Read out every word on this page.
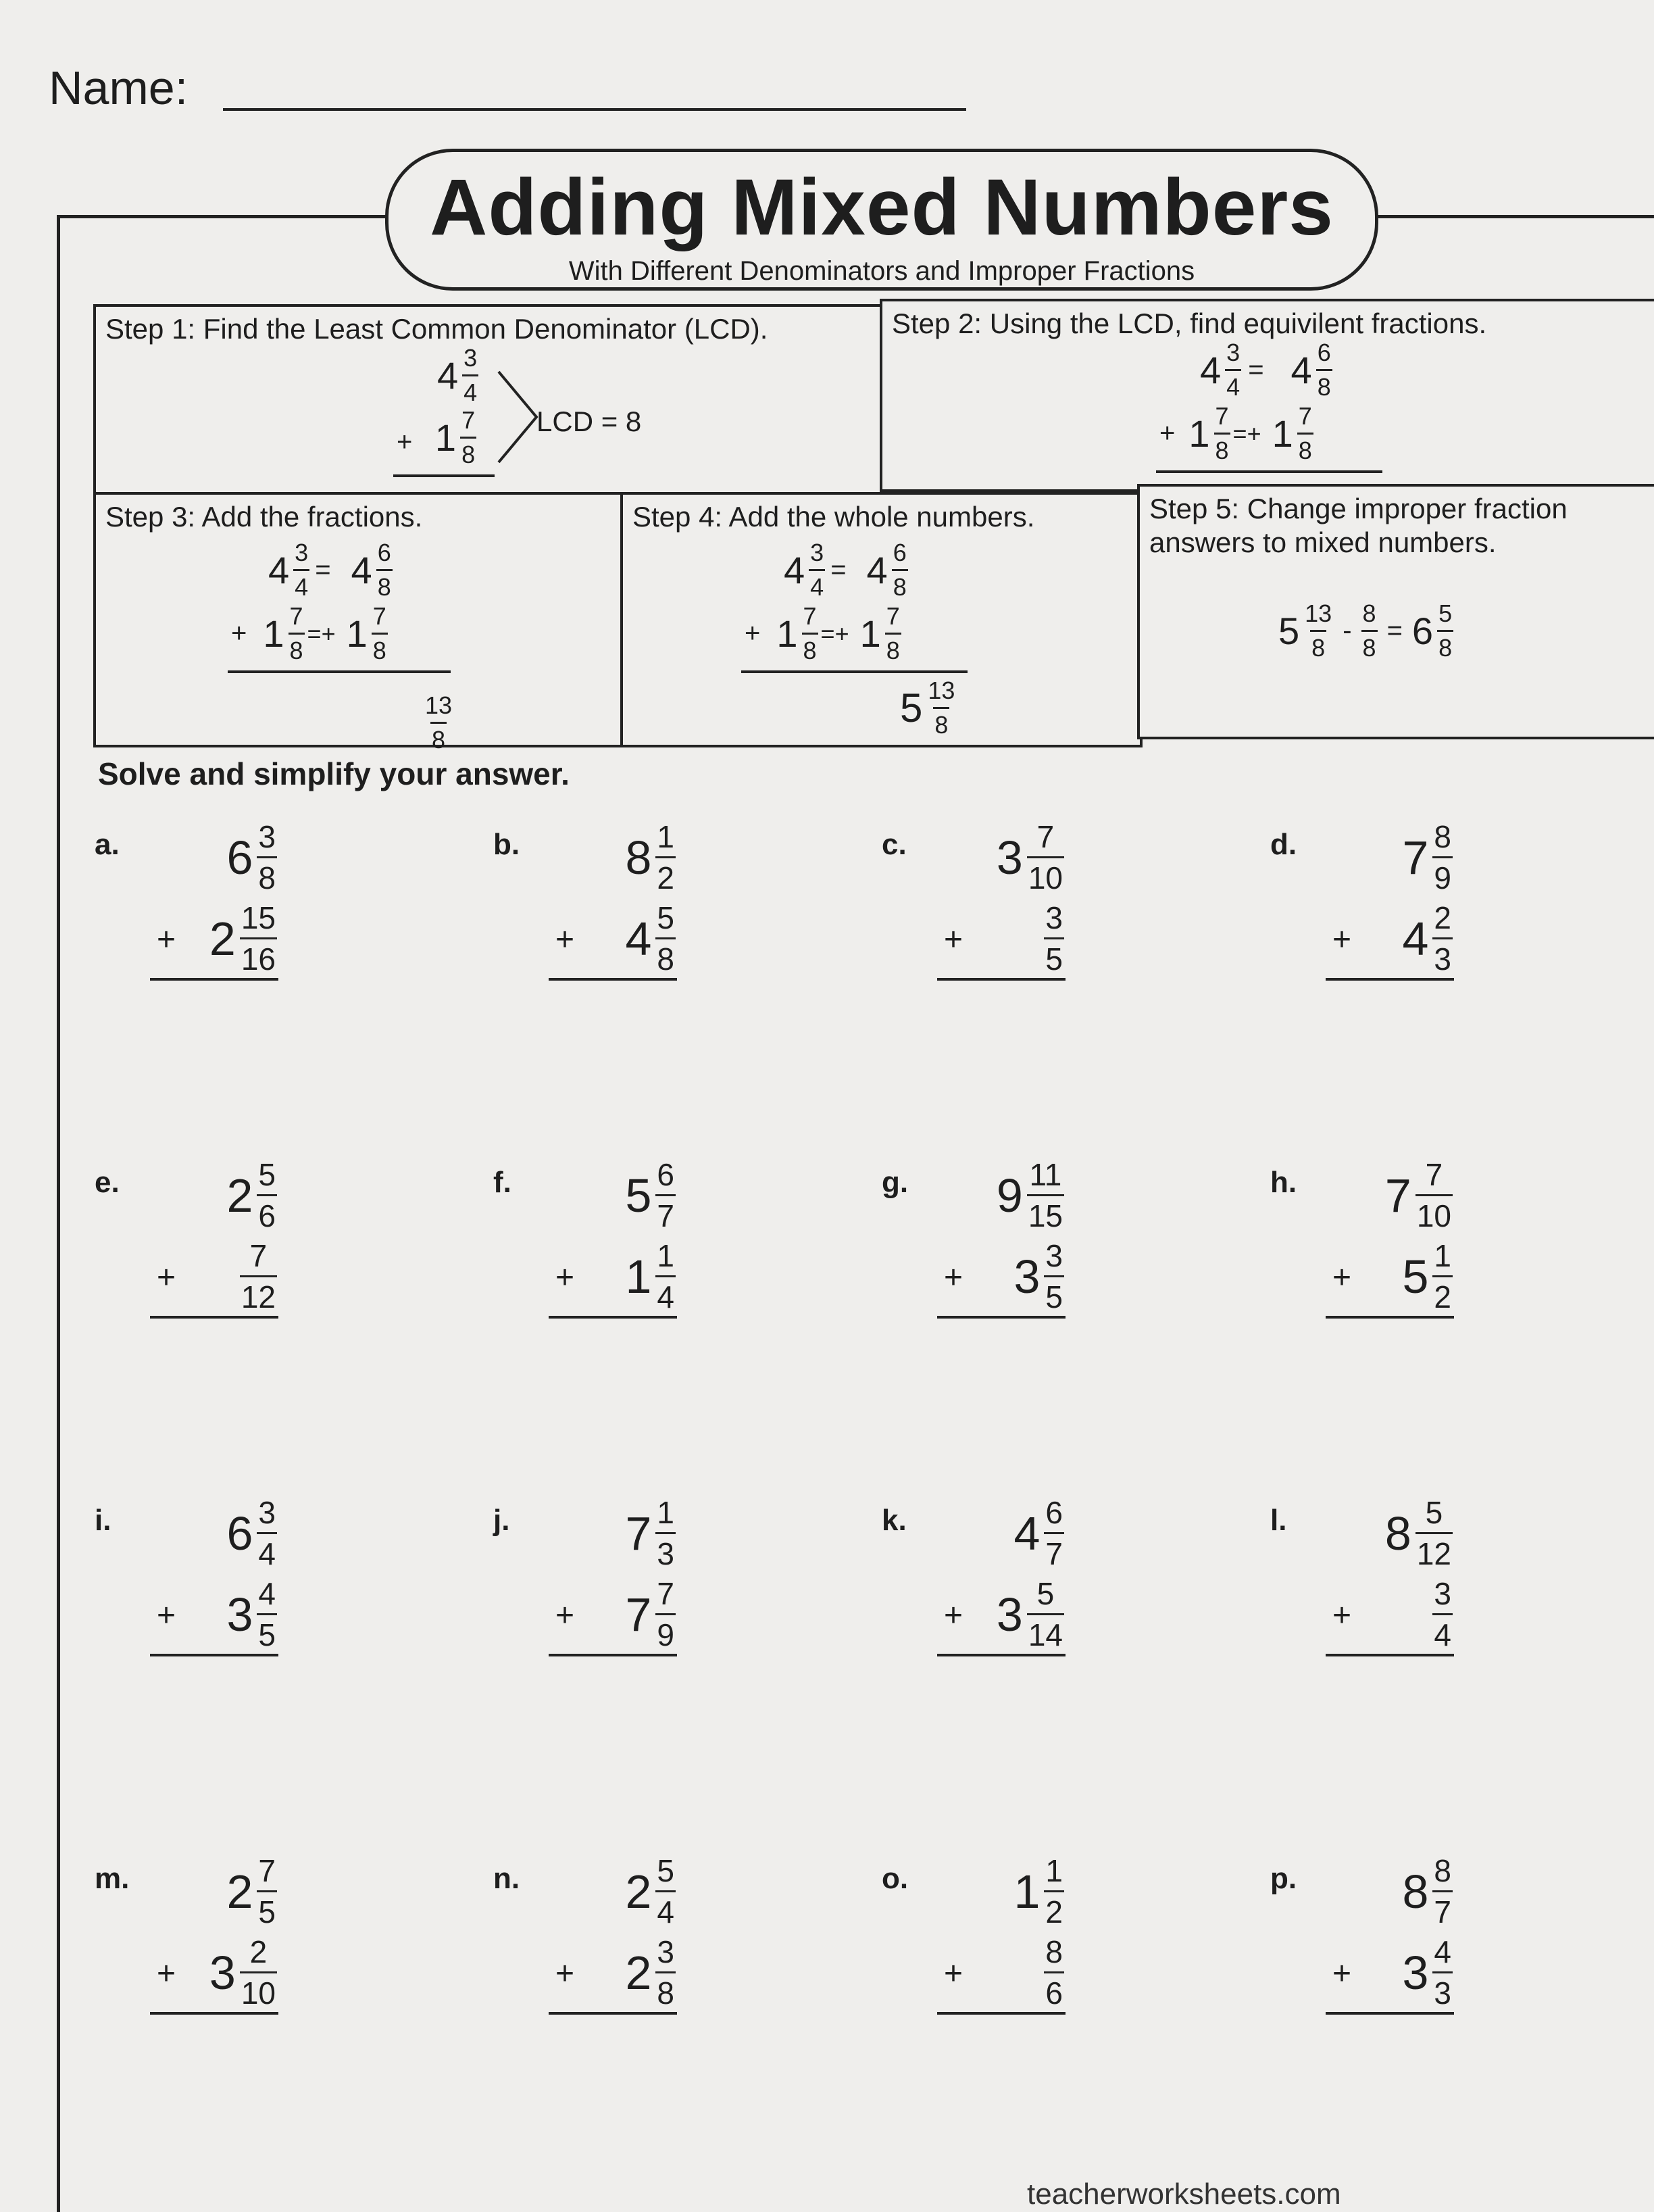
Name:
Adding Mixed Numbers
With Different Denominators and Improper Fractions
Step 1: Find the Least Common Denominator (LCD).
$4 \frac{3}{4}$
+ $1 \frac{7}{8}$ LCD = 8
Step 2: Using the LCD, find equivilent fractions.
$4 \frac{3}{4} = 4 \frac{6}{8}$
+ $1 \frac{7}{8}$ = + $1 \frac{7}{8}$
Step 3: Add the fractions.
$4 \frac{3}{4} = 4 \frac{6}{8}$
+ $1 \frac{7}{8}$ = + $1 \frac{7}{8}$
$\frac{13}{8}$
Step 4: Add the whole numbers.
$4 \frac{3}{4} = 4 \frac{6}{8}$
+ $1 \frac{7}{8}$ = + $1 \frac{7}{8}$
$5 \frac{13}{8}$
Step 5: Change improper fraction answers to mixed numbers.
$5 \frac{13}{8} - \frac{8}{8} = 6 \frac{5}{8}$
Solve and simplify your answer.
a. $6 \frac{3}{8}$
$2 \frac{15}{16}$
+
b. $8 \frac{1}{2}$
$4 \frac{5}{8}$
+
c. $3 \frac{7}{10}$
$\frac{3}{5}$
+
d. $7 \frac{8}{9}$
$4 \frac{2}{3}$
+
e. $2 \frac{5}{6}$
$\frac{7}{12}$
+
f. $5 \frac{6}{7}$
$1 \frac{1}{4}$
+
g. $9 \frac{11}{15}$
$3 \frac{3}{5}$
+
h. $7 \frac{7}{10}$
$5 \frac{1}{2}$
+
i. $6 \frac{3}{4}$
$3 \frac{4}{5}$
+
j. $7 \frac{1}{3}$
$7 \frac{7}{9}$
+
k. $4 \frac{6}{7}$
$3 \frac{5}{14}$
+
l. $8 \frac{5}{12}$
$\frac{3}{4}$
+
m. $2 \frac{7}{5}$
$3 \frac{2}{10}$
+
n. $2 \frac{5}{4}$
$2 \frac{3}{8}$
+
o. $1 \frac{1}{2}$
$\frac{8}{6}$
+
p. $8 \frac{8}{7}$
$3 \frac{4}{3}$
+
teacherworksheets.com
